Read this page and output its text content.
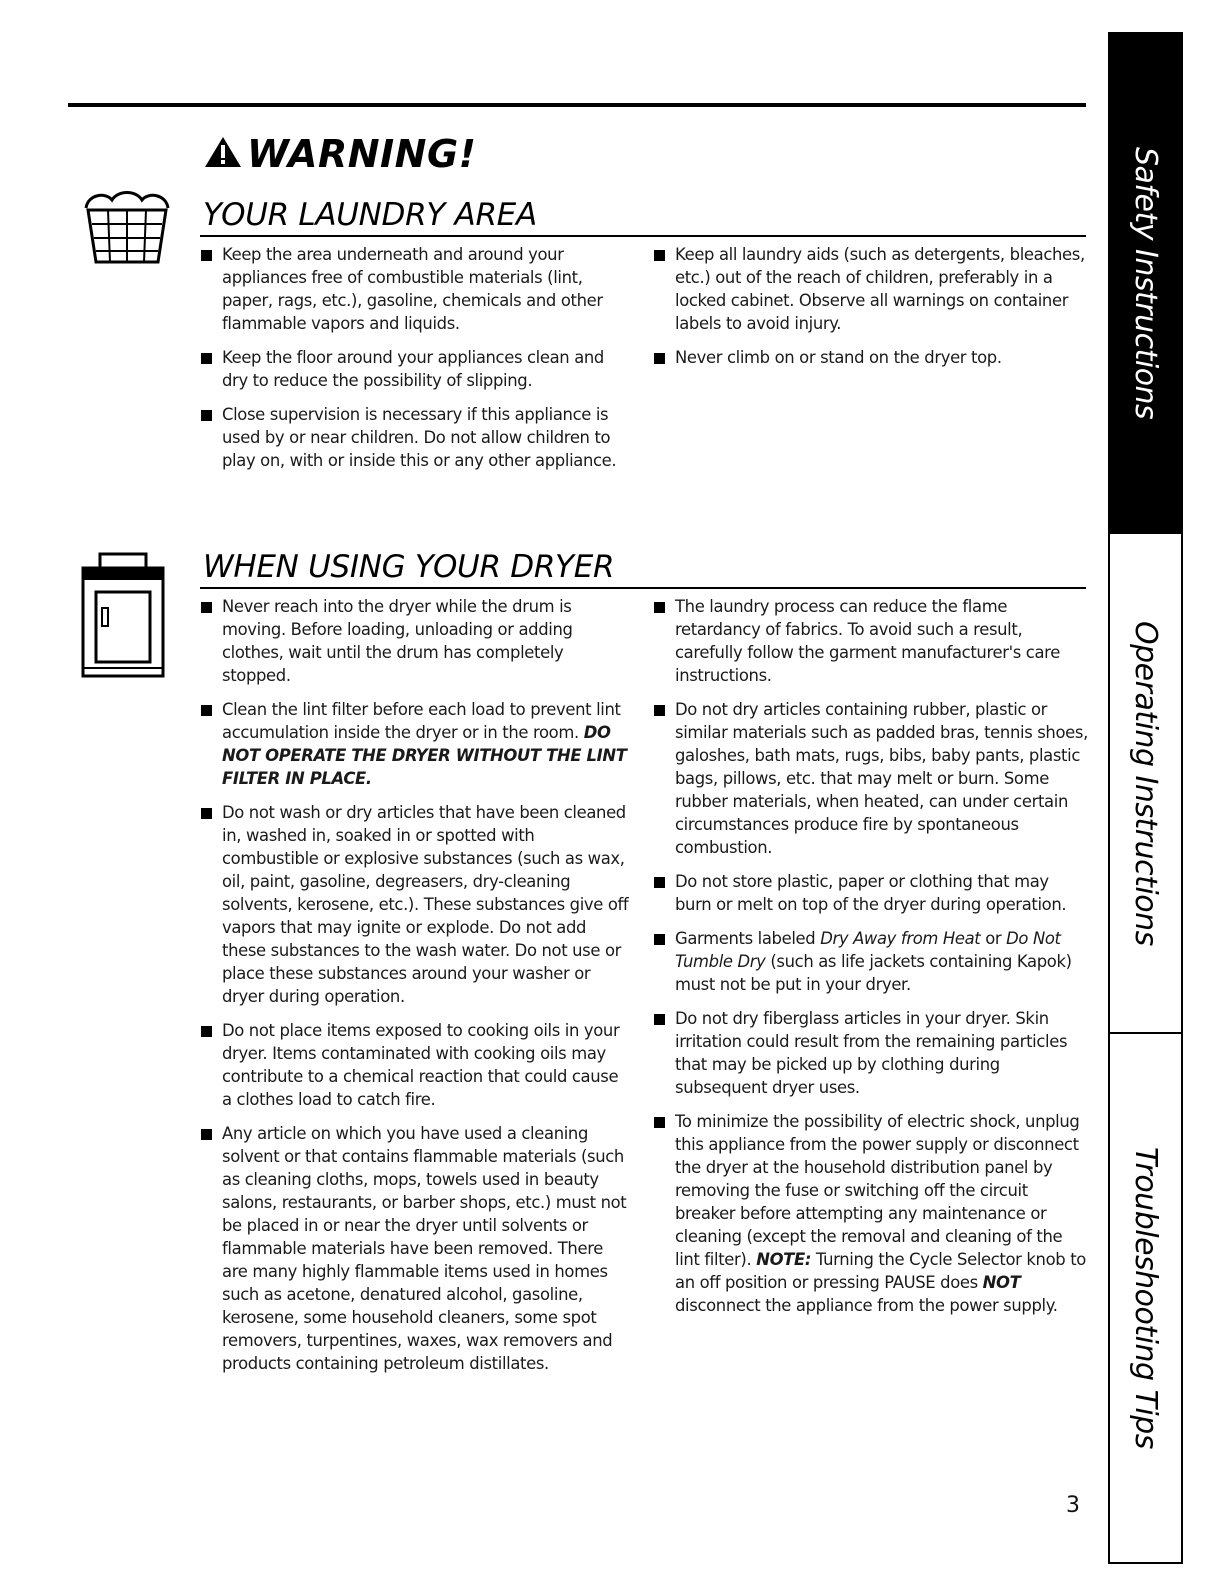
WARNING!
YOUR LAUNDRY AREA
Keep the area underneath and around your appliances free of combustible materials (lint, paper, rags, etc.), gasoline, chemicals and other flammable vapors and liquids.
Keep the floor around your appliances clean and dry to reduce the possibility of slipping.
Close supervision is necessary if this appliance is used by or near children. Do not allow children to play on, with or inside this or any other appliance.
Keep all laundry aids (such as detergents, bleaches, etc.) out of the reach of children, preferably in a locked cabinet. Observe all warnings on container labels to avoid injury.
Never climb on or stand on the dryer top.
WHEN USING YOUR DRYER
Never reach into the dryer while the drum is moving. Before loading, unloading or adding clothes, wait until the drum has completely stopped.
Clean the lint filter before each load to prevent lint accumulation inside the dryer or in the room. DO NOT OPERATE THE DRYER WITHOUT THE LINT FILTER IN PLACE.
Do not wash or dry articles that have been cleaned in, washed in, soaked in or spotted with combustible or explosive substances (such as wax, oil, paint, gasoline, degreasers, dry-cleaning solvents, kerosene, etc.). These substances give off vapors that may ignite or explode. Do not add these substances to the wash water. Do not use or place these substances around your washer or dryer during operation.
Do not place items exposed to cooking oils in your dryer. Items contaminated with cooking oils may contribute to a chemical reaction that could cause a clothes load to catch fire.
Any article on which you have used a cleaning solvent or that contains flammable materials (such as cleaning cloths, mops, towels used in beauty salons, restaurants, or barber shops, etc.) must not be placed in or near the dryer until solvents or flammable materials have been removed. There are many highly flammable items used in homes such as acetone, denatured alcohol, gasoline, kerosene, some household cleaners, some spot removers, turpentines, waxes, wax removers and products containing petroleum distillates.
The laundry process can reduce the flame retardancy of fabrics. To avoid such a result, carefully follow the garment manufacturer's care instructions.
Do not dry articles containing rubber, plastic or similar materials such as padded bras, tennis shoes, galoshes, bath mats, rugs, bibs, baby pants, plastic bags, pillows, etc. that may melt or burn. Some rubber materials, when heated, can under certain circumstances produce fire by spontaneous combustion.
Do not store plastic, paper or clothing that may burn or melt on top of the dryer during operation.
Garments labeled Dry Away from Heat or Do Not Tumble Dry (such as life jackets containing Kapok) must not be put in your dryer.
Do not dry fiberglass articles in your dryer. Skin irritation could result from the remaining particles that may be picked up by clothing during subsequent dryer uses.
To minimize the possibility of electric shock, unplug this appliance from the power supply or disconnect the dryer at the household distribution panel by removing the fuse or switching off the circuit breaker before attempting any maintenance or cleaning (except the removal and cleaning of the lint filter). NOTE: Turning the Cycle Selector knob to an off position or pressing PAUSE does NOT disconnect the appliance from the power supply.
Safety Instructions
Operating Instructions
Troubleshooting Tips
3
